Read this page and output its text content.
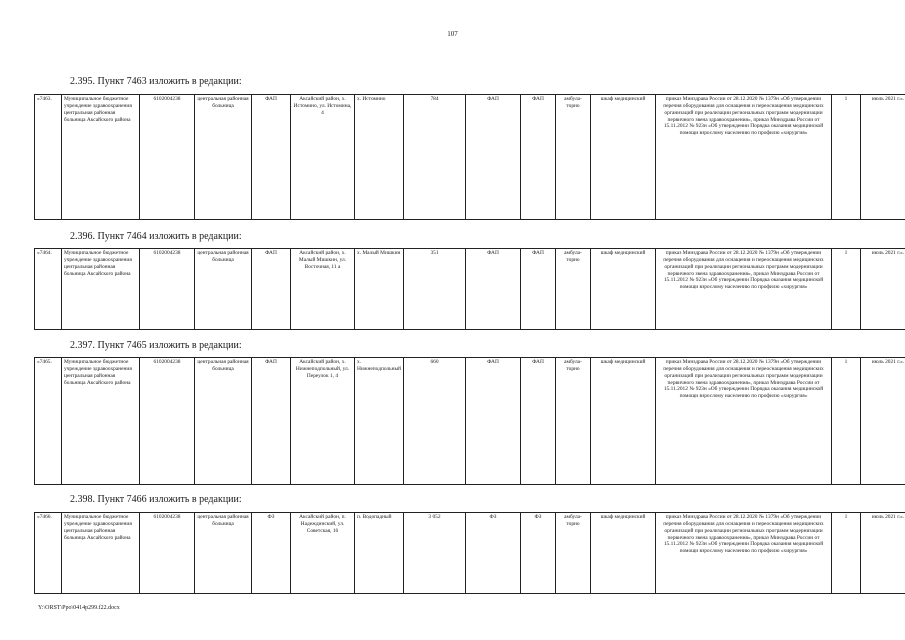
107
2.395. Пункт 7463 изложить в редакции:
«7463.	Муниципальное бюджетное учреждение здравоохранения центральная районная больница Аксайского района	6102004238	центральная районная больница	ФАП	Аксайский район, х. Истомино, ул. Истомина, 4	х. Истомино	784	ФАП	ФАП	амбула-торно	шкаф медицинский	приказ Минздрава России от 28.12.2020 № 1379н «Об утверждении перечня оборудования для оснащения и переоснащения медицинских организаций при реализации региональных программ модернизации первичного звена здравоохранения», приказ Минздрава России от 15.11.2012 № 923н «Об утверждении Порядка оказания медицинской помощи взрослому населению по профилю «хирургия»	1	июль 2021 г.».
2.396. Пункт 7464 изложить в редакции:
«7464.	Муниципальное бюджетное учреждение здравоохранения центральная районная больница Аксайского района	6102004238	центральная районная больница	ФАП	Аксайский район, х. Малый Мишкин, ул. Восточная, 11 а	х. Малый Мишкин	351	ФАП	ФАП	амбула-торно	шкаф медицинский	приказ Минздрава России от 28.12.2020 № 1379н «Об утверждении перечня оборудования для оснащения и переоснащения медицинских организаций при реализации региональных программ модернизации первичного звена здравоохранения», приказ Минздрава России от 15.11.2012 № 923н «Об утверждении Порядка оказания медицинской помощи взрослому населению по профилю «хирургия»	1	июль 2021 г.».
2.397. Пункт 7465 изложить в редакции:
«7465.	Муниципальное бюджетное учреждение здравоохранения центральная районная больница Аксайского района	6102004238	центральная районная больница	ФАП	Аксайский район, х. Нижнеподпольный, ул. Переулок 1, 4	х. Нижнеподпольный	660	ФАП	ФАП	амбула-торно	шкаф медицинский	приказ Минздрава России от 28.12.2020 № 1379н «Об утверждении перечня оборудования для оснащения и переоснащения медицинских организаций при реализации региональных программ модернизации первичного звена здравоохранения», приказ Минздрава России от 15.11.2012 № 923н «Об утверждении Порядка оказания медицинской помощи взрослому населению по профилю «хирургия»	1	июль 2021 г.».
2.398. Пункт 7466 изложить в редакции:
«7466.	Муниципальное бюджетное учреждение здравоохранения центральная районная больница Аксайского района	6102004238	центральная районная больница	ФЗ	Аксайский район, п. Надеждинский, ул. Советская, 16	п. Водопадный	3 052	ФЗ	ФЗ	амбула-торно	шкаф медицинский	приказ Минздрава России от 28.12.2020 № 1379н «Об утверждении перечня оборудования для оснащения и переоснащения медицинских организаций при реализации региональных программ модернизации первичного звена здравоохранения», приказ Минздрава России от 15.11.2012 № 923н «Об утверждении Порядка оказания медицинской помощи взрослому населению по профилю «хирургия»	1	июль 2021 г.».
Y:\ORST\Ppo\0414p299.f22.docx
